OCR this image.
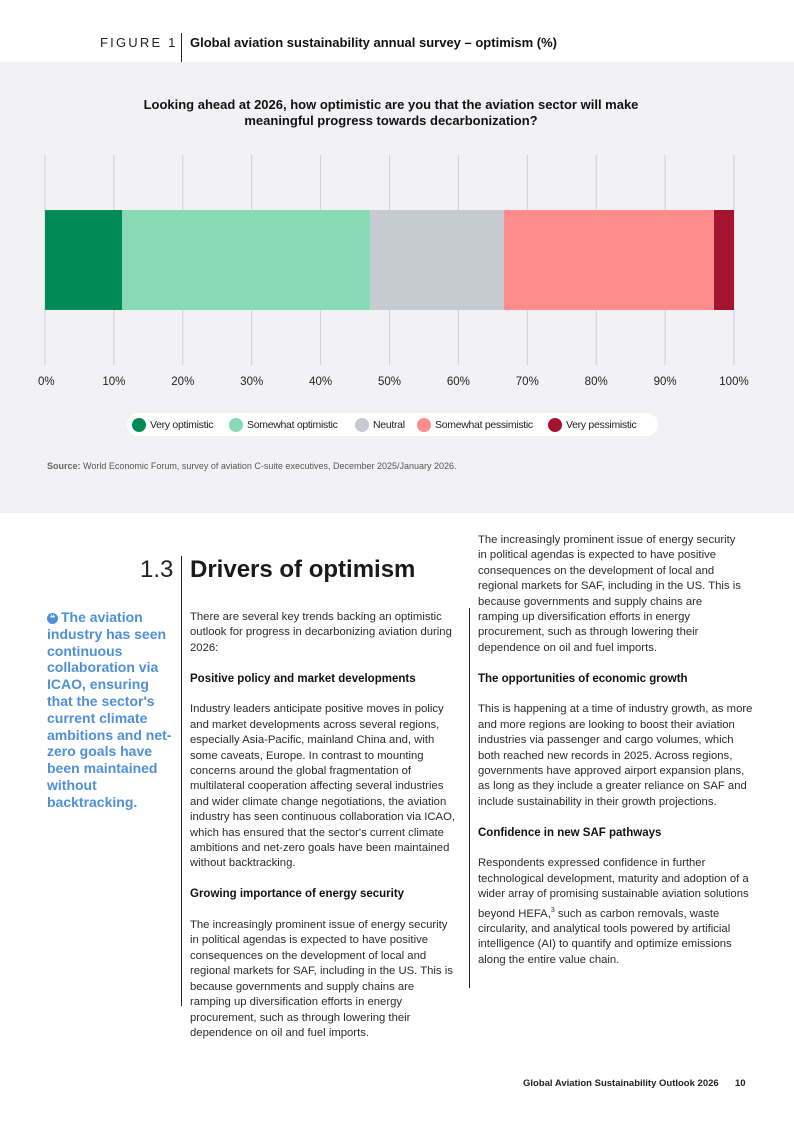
FIGURE 1 Global aviation sustainability annual survey – optimism (%)
Looking ahead at 2026, how optimistic are you that the aviation sector will make meaningful progress towards decarbonization?
0%	10%	20%	30%	40%	50%	60%	70%	80%	90%	100%
Very optimistic	Somewhat optimistic	Neutral	Somewhat pessimistic	Very pessimistic
Source: World Economic Forum, survey of aviation C-suite executives, December 2025/January 2026.
1.3 Drivers of optimism
❝ The aviation industry has seen continuous collaboration via ICAO, ensuring that the sector's current climate ambitions and net-zero goals have been maintained without backtracking.

There are several key trends backing an optimistic outlook for progress in decarbonizing aviation during 2026:

Positive policy and market developments

Industry leaders anticipate positive moves in policy and market developments across several regions, especially Asia-Pacific, mainland China and, with some caveats, Europe. In contrast to mounting concerns around the global fragmentation of multilateral cooperation affecting several industries and wider climate change negotiations, the aviation industry has seen continuous collaboration via ICAO, which has ensured that the sector's current climate ambitions and net-zero goals have been maintained without backtracking.

Growing importance of energy security

The increasingly prominent issue of energy security in political agendas is expected to have positive consequences on the development of local and regional markets for SAF, including in the US. This is because governments and supply chains are ramping up diversification efforts in energy procurement, such as through lowering their dependence on oil and fuel imports.

The increasingly prominent issue of energy security in political agendas is expected to have positive consequences on the development of local and regional markets for SAF, including in the US. This is because governments and supply chains are ramping up diversification efforts in energy procurement, such as through lowering their dependence on oil and fuel imports.

The opportunities of economic growth

This is happening at a time of industry growth, as more and more regions are looking to boost their aviation industries via passenger and cargo volumes, which both reached new records in 2025. Across regions, governments have approved airport expansion plans, as long as they include a greater reliance on SAF and include sustainability in their growth projections.

Confidence in new SAF pathways

Respondents expressed confidence in further technological development, maturity and adoption of a wider array of promising sustainable aviation solutions beyond HEFA,$^3$ such as carbon removals, waste circularity, and analytical tools powered by artificial intelligence (AI) to quantify and optimize emissions along the entire value chain.

Global Aviation Sustainability Outlook 2026 10
